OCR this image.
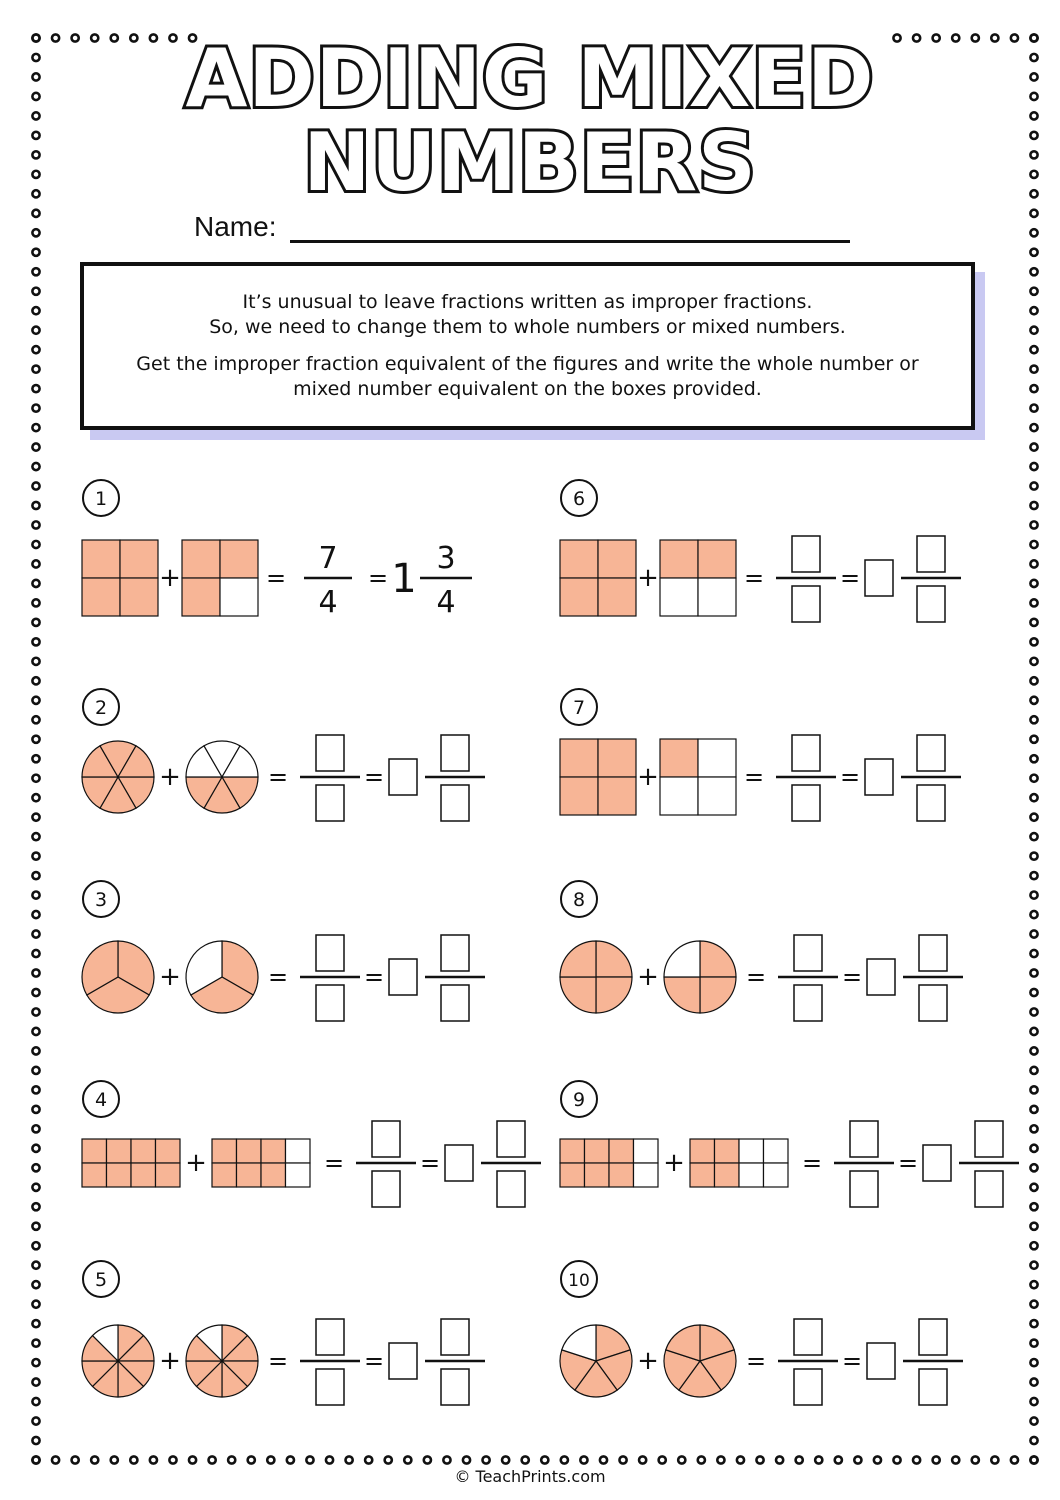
ADDING MIXED
NUMBERS
Name:

It’s unusual to leave fractions written as improper fractions.

So, we need to change them to whole numbers or mixed numbers.

Get the improper fraction equivalent of the figures and write the whole number or

mixed number equivalent on the boxes provided.

1
+	=
7
4
= 1 3
4
2
+	=	=
3
+	=	=
4
+	=	=
5
+	=	=
6
+	=	=
7
+	=	=
8
+	=	=
9
+	=	=
10
+	=	=
© TeachPrints.com
